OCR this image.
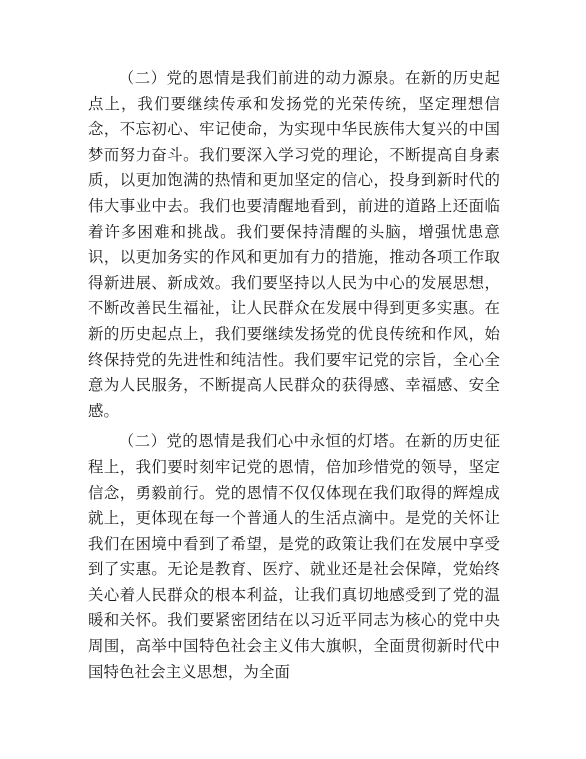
（二）党的恩情是我们前进的动力源泉。在新的历史起点上，我们要继续传承和发扬党的光荣传统，坚定理想信念，不忘初心、牢记使命，为实现中华民族伟大复兴的中国梦而努力奋斗。我们要深入学习党的理论，不断提高自身素质，以更加饱满的热情和更加坚定的信心，投身到新时代的伟大事业中去。我们也要清醒地看到，前进的道路上还面临着许多困难和挑战。我们要保持清醒的头脑，增强忧患意识，以更加务实的作风和更加有力的措施，推动各项工作取得新进展、新成效。我们要坚持以人民为中心的发展思想，不断改善民生福祉，让人民群众在发展中得到更多实惠。在新的历史起点上，我们要继续发扬党的优良传统和作风，始终保持党的先进性和纯洁性。我们要牢记党的宗旨，全心全意为人民服务，不断提高人民群众的获得感、幸福感、安全感。

（二）党的恩情是我们心中永恒的灯塔。在新的历史征程上，我们要时刻牢记党的恩情，倍加珍惜党的领导，坚定信念，勇毅前行。党的恩情不仅仅体现在我们取得的辉煌成就上，更体现在每一个普通人的生活点滴中。是党的关怀让我们在困境中看到了希望，是党的政策让我们在发展中享受到了实惠。无论是教育、医疗、就业还是社会保障，党始终关心着人民群众的根本利益，让我们真切地感受到了党的温暖和关怀。我们要紧密团结在以习近平同志为核心的党中央周围，高举中国特色社会主义伟大旗帜，全面贯彻新时代中国特色社会主义思想，为全面
